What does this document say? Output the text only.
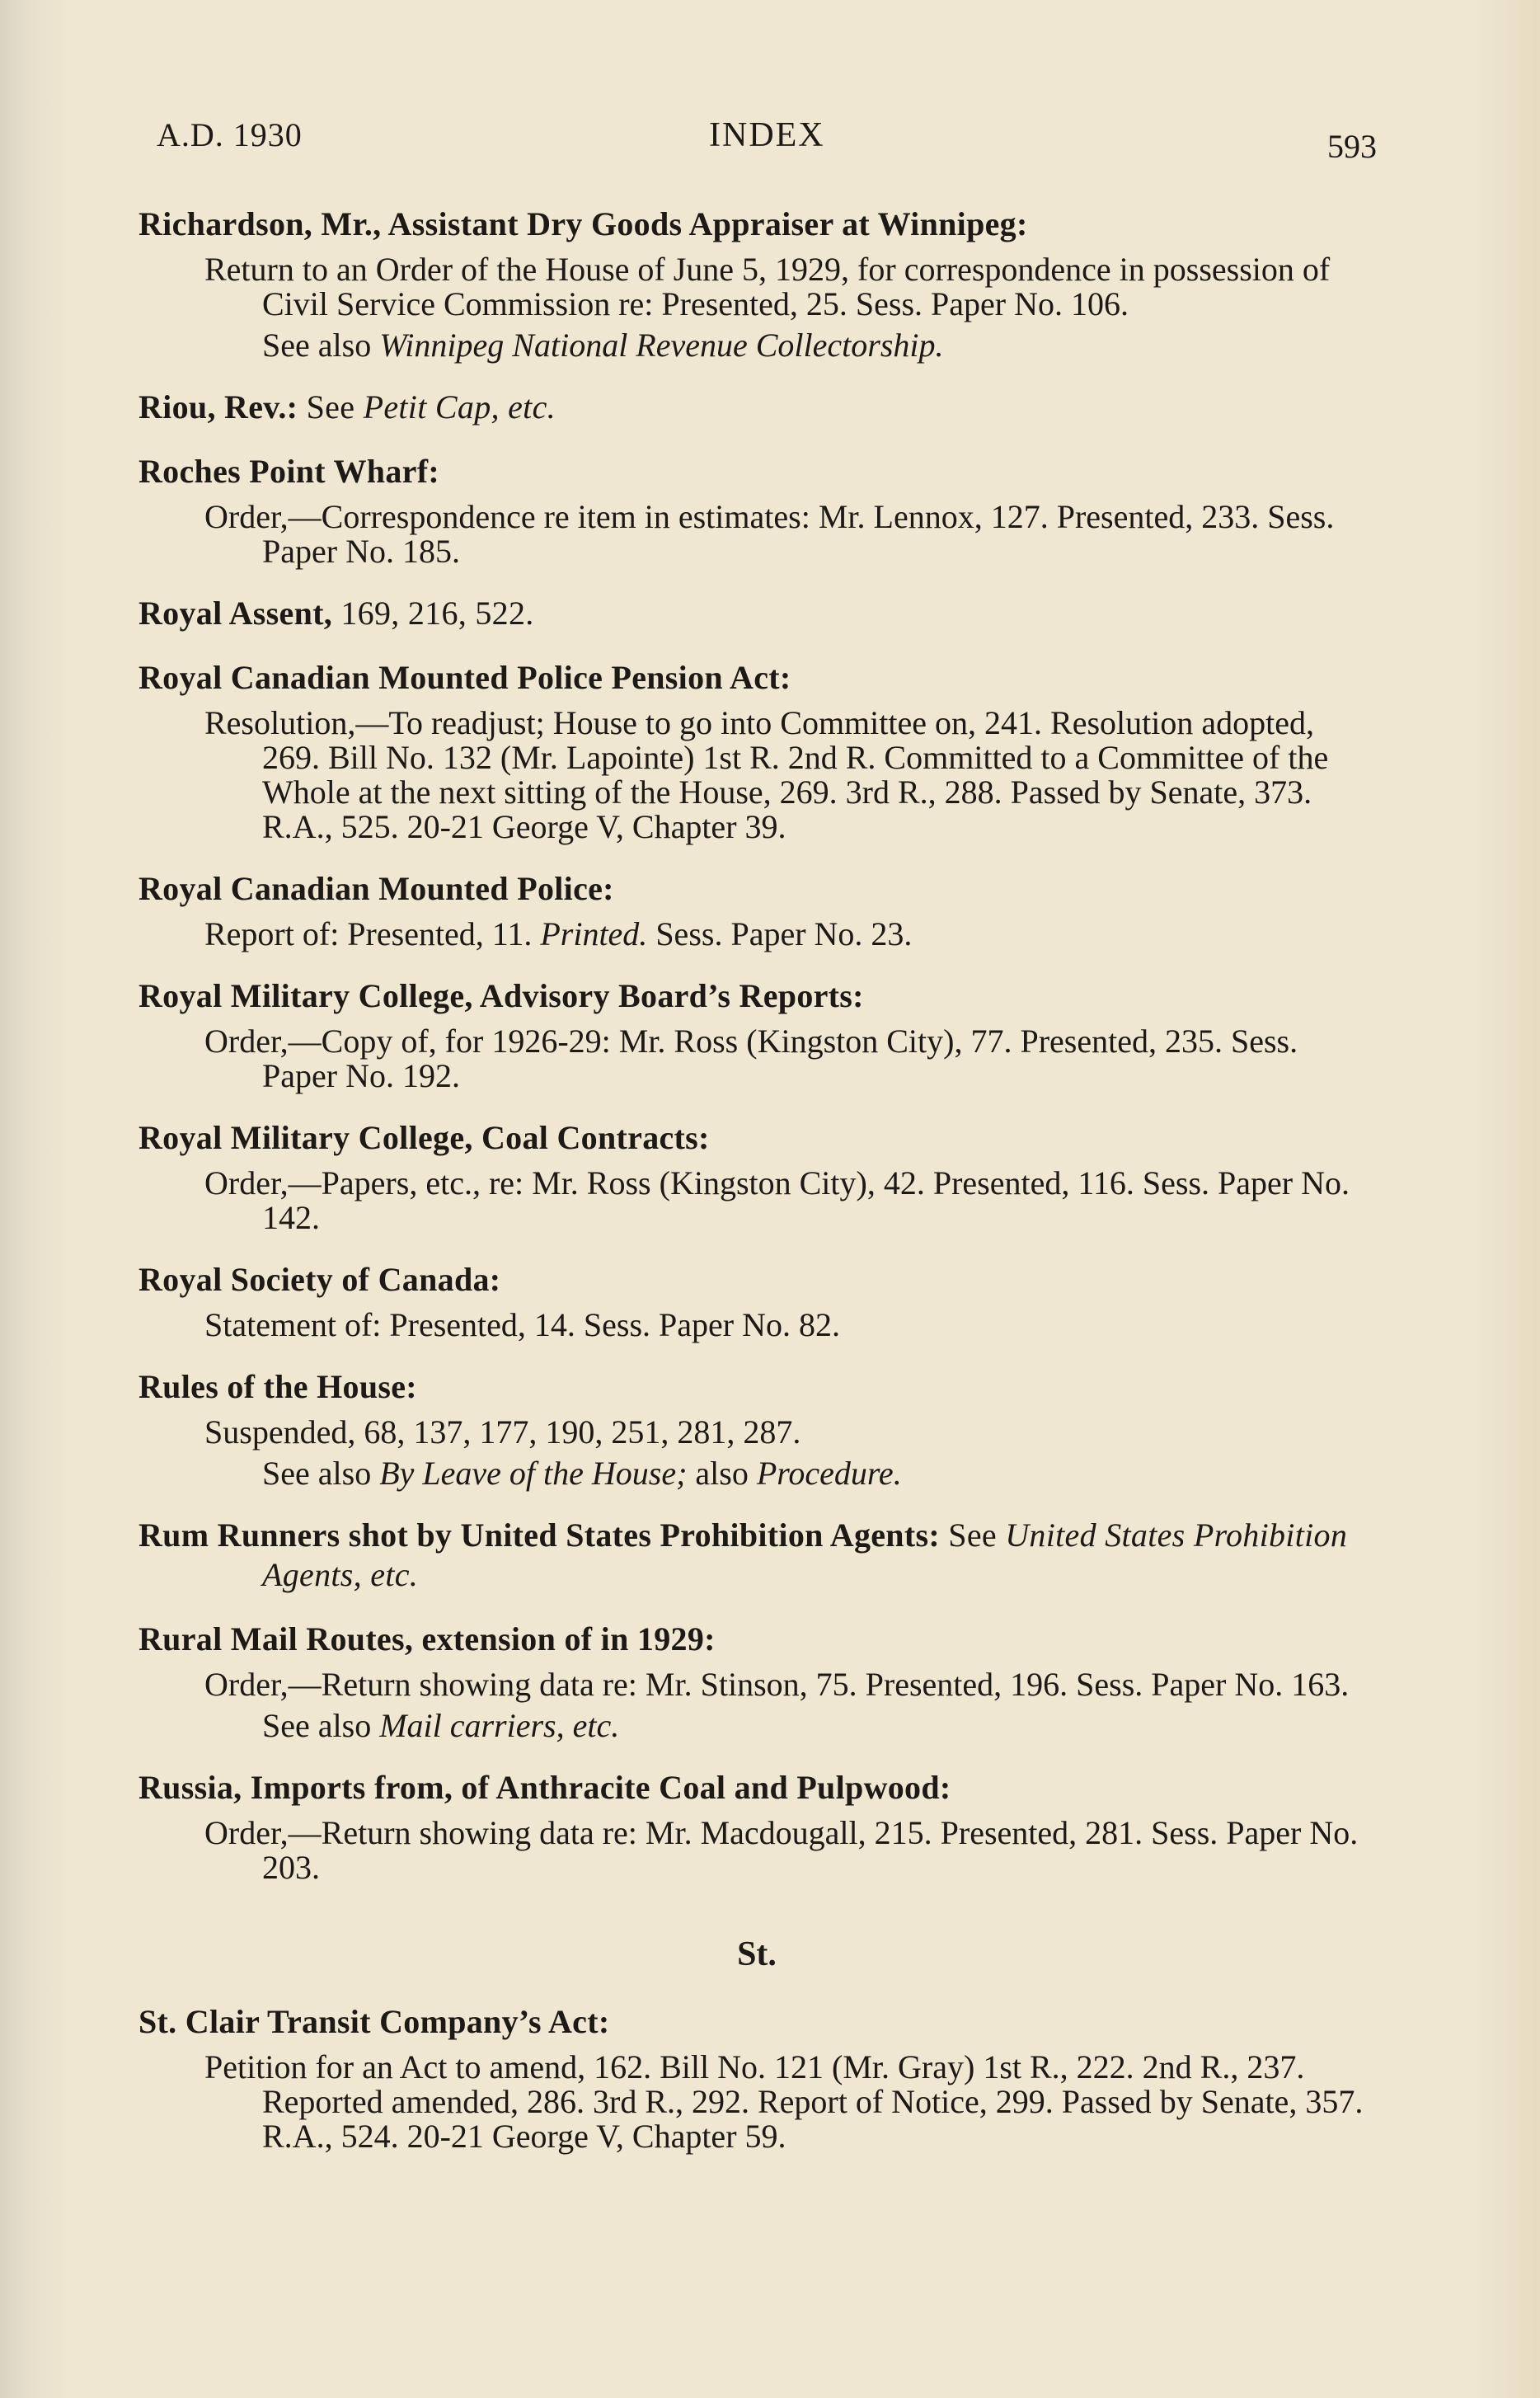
A.D. 1930	INDEX	593
Richardson, Mr., Assistant Dry Goods Appraiser at Winnipeg:
Return to an Order of the House of June 5, 1929, for correspondence in possession of Civil Service Commission re: Presented, 25. Sess. Paper No. 106.
See also Winnipeg National Revenue Collectorship.
Riou, Rev.: See Petit Cap, etc.
Roches Point Wharf:
Order,—Correspondence re item in estimates: Mr. Lennox, 127. Presented, 233. Sess. Paper No. 185.
Royal Assent, 169, 216, 522.
Royal Canadian Mounted Police Pension Act:
Resolution,—To readjust; House to go into Committee on, 241. Resolution adopted, 269. Bill No. 132 (Mr. Lapointe) 1st R. 2nd R. Committed to a Committee of the Whole at the next sitting of the House, 269. 3rd R., 288. Passed by Senate, 373. R.A., 525. 20-21 George V, Chapter 39.
Royal Canadian Mounted Police:
Report of: Presented, 11. Printed. Sess. Paper No. 23.
Royal Military College, Advisory Board’s Reports:
Order,—Copy of, for 1926-29: Mr. Ross (Kingston City), 77. Presented, 235. Sess. Paper No. 192.
Royal Military College, Coal Contracts:
Order,—Papers, etc., re: Mr. Ross (Kingston City), 42. Presented, 116. Sess. Paper No. 142.
Royal Society of Canada:
Statement of: Presented, 14. Sess. Paper No. 82.
Rules of the House:
Suspended, 68, 137, 177, 190, 251, 281, 287.
See also By Leave of the House; also Procedure.
Rum Runners shot by United States Prohibition Agents: See United States Prohibition Agents, etc.
Rural Mail Routes, extension of in 1929:
Order,—Return showing data re: Mr. Stinson, 75. Presented, 196. Sess. Paper No. 163.
See also Mail carriers, etc.
Russia, Imports from, of Anthracite Coal and Pulpwood:
Order,—Return showing data re: Mr. Macdougall, 215. Presented, 281. Sess. Paper No. 203.
St.
St. Clair Transit Company’s Act:
Petition for an Act to amend, 162. Bill No. 121 (Mr. Gray) 1st R., 222. 2nd R., 237. Reported amended, 286. 3rd R., 292. Report of Notice, 299. Passed by Senate, 357. R.A., 524. 20-21 George V, Chapter 59.
